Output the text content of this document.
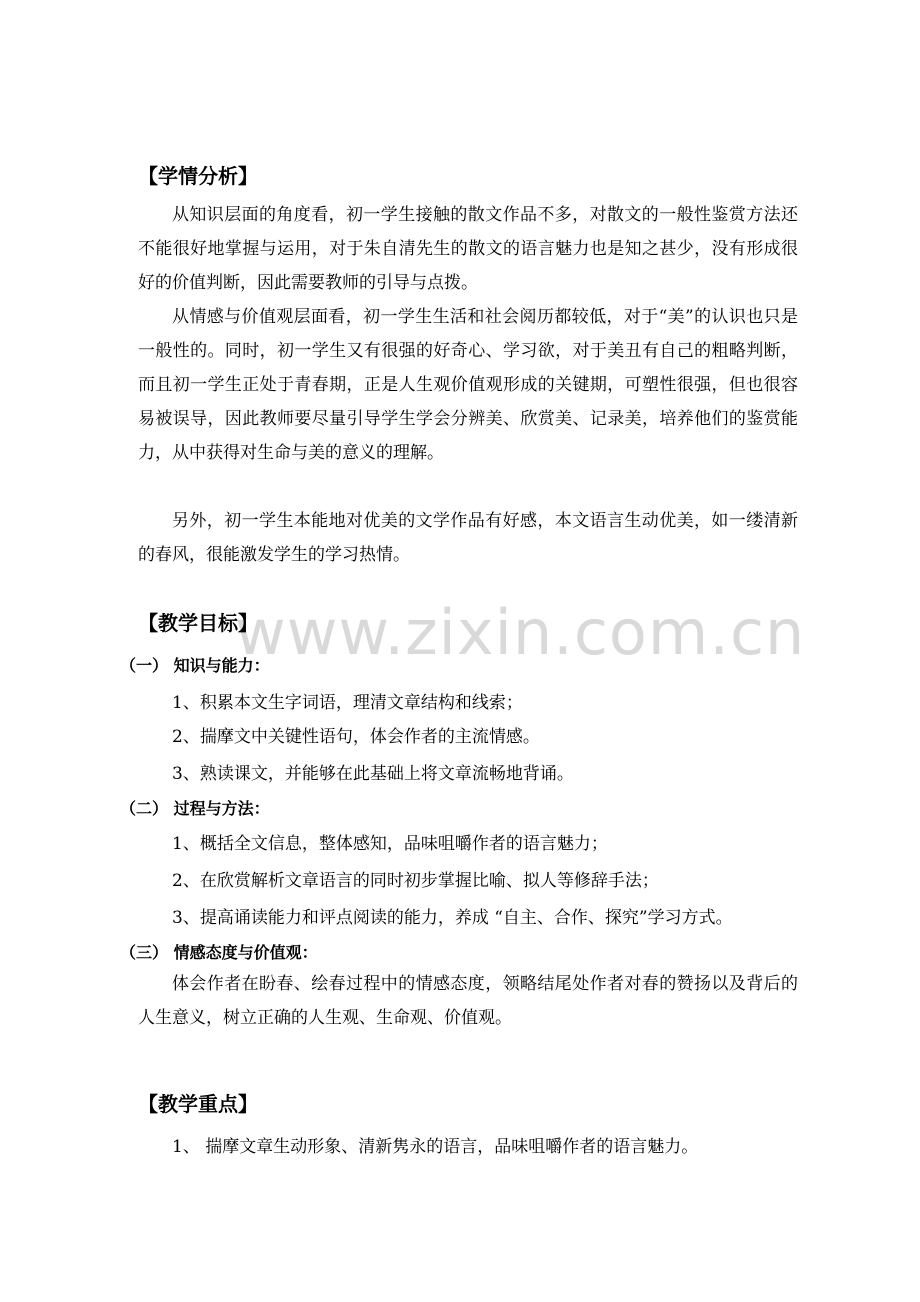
www.zixin.com.cn
【学情分析】
从知识层面的角度看，初一学生接触的散文作品不多，对散文的一般性鉴赏方法还不能很好地掌握与运用，对于朱自清先生的散文的语言魅力也是知之甚少，没有形成很好的价值判断，因此需要教师的引导与点拨。
从情感与价值观层面看，初一学生生活和社会阅历都较低，对于“美”的认识也只是一般性的。同时，初一学生又有很强的好奇心、学习欲，对于美丑有自己的粗略判断，而且初一学生正处于青春期，正是人生观价值观形成的关键期，可塑性很强，但也很容易被误导，因此教师要尽量引导学生学会分辨美、欣赏美、记录美，培养他们的鉴赏能力，从中获得对生命与美的意义的理解。
另外，初一学生本能地对优美的文学作品有好感，本文语言生动优美，如一缕清新的春风，很能激发学生的学习热情。
【教学目标】
（一） 知识与能力：
1、积累本文生字词语，理清文章结构和线索；
2、揣摩文中关键性语句，体会作者的主流情感。
3、熟读课文，并能够在此基础上将文章流畅地背诵。
（二） 过程与方法：
1、概括全文信息，整体感知，品味咀嚼作者的语言魅力；
2、在欣赏解析文章语言的同时初步掌握比喻、拟人等修辞手法；
3、提高诵读能力和评点阅读的能力，养成 “自主、合作、探究”学习方式。
（三） 情感态度与价值观：
体会作者在盼春、绘春过程中的情感态度，领略结尾处作者对春的赞扬以及背后的人生意义，树立正确的人生观、生命观、价值观。
【教学重点】
1、 揣摩文章生动形象、清新隽永的语言，品味咀嚼作者的语言魅力。
